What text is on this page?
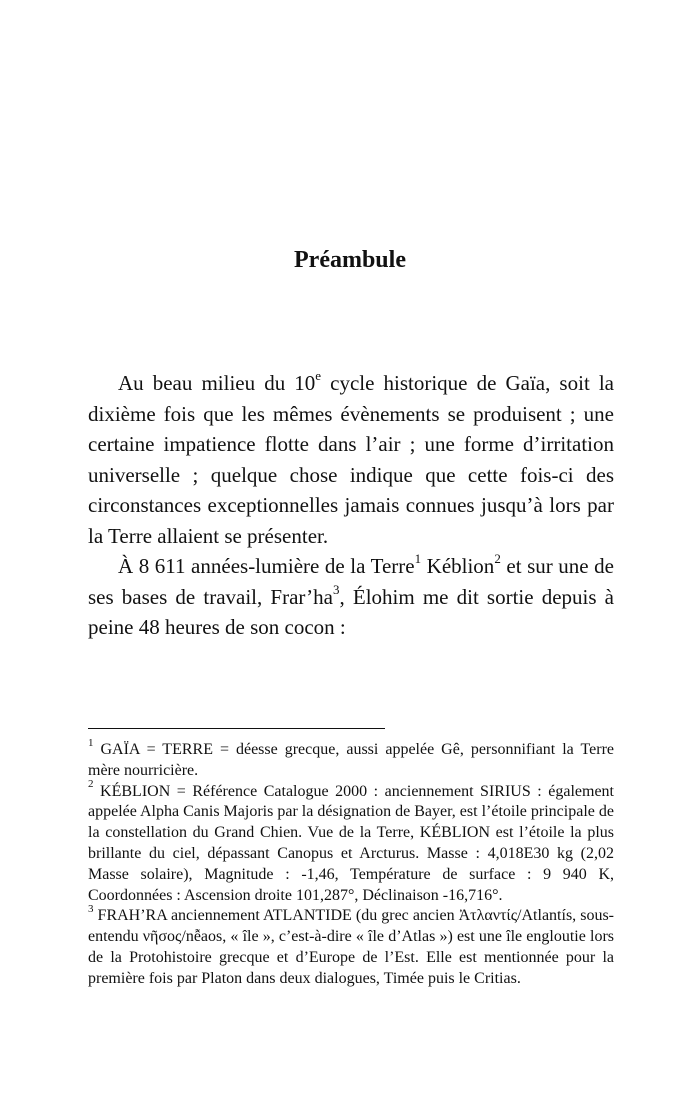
Préambule

Au beau milieu du 10e cycle historique de Gaïa, soit la dixième fois que les mêmes évènements se produisent ; une certaine impatience flotte dans l’air ; une forme d’irritation universelle ; quelque chose indique que cette fois-ci des circonstances exceptionnelles jamais connues jusqu’à lors par la Terre allaient se présenter.

À 8 611 années-lumière de la Terre$^1$ Kéblion$^2$ et sur une de ses bases de travail, $Frar’ha^3$, Élohim me dit sortie depuis à peine 48 heures de son cocon :

$^1$ GAÏA = TERRE = déesse grecque, aussi appelée Gê, personnifiant la Terre mère nourricière.

$^2$ KÉBLION = Référence Catalogue 2000 : anciennement SIRIUS : également appelée Alpha Canis Majoris par la désignation de Bayer, est l’étoile principale de la constellation du Grand Chien. Vue de la Terre, KÉBLION est l’étoile la plus brillante du ciel, dépassant Canopus et Arcturus. Masse : 4,018E30 kg (2,02 Masse solaire), Magnitude : -1,46, Température de surface : 9 940 K, Coordonnées : Ascension droite 101,287°, Déclinaison -16,716°.

$^3$ FRAH’RA anciennement ATLANTIDE (du grec ancien Ἀτλαντίς/Atlantís, sous-entendu νῆσος/nễaos, « île », c’est-à-dire « île d’Atlas ») est une île engloutie lors de la Protohistoire grecque et d’Europe de l’Est. Elle est mentionnée pour la première fois par Platon dans deux dialogues, Timée puis le Critias.
